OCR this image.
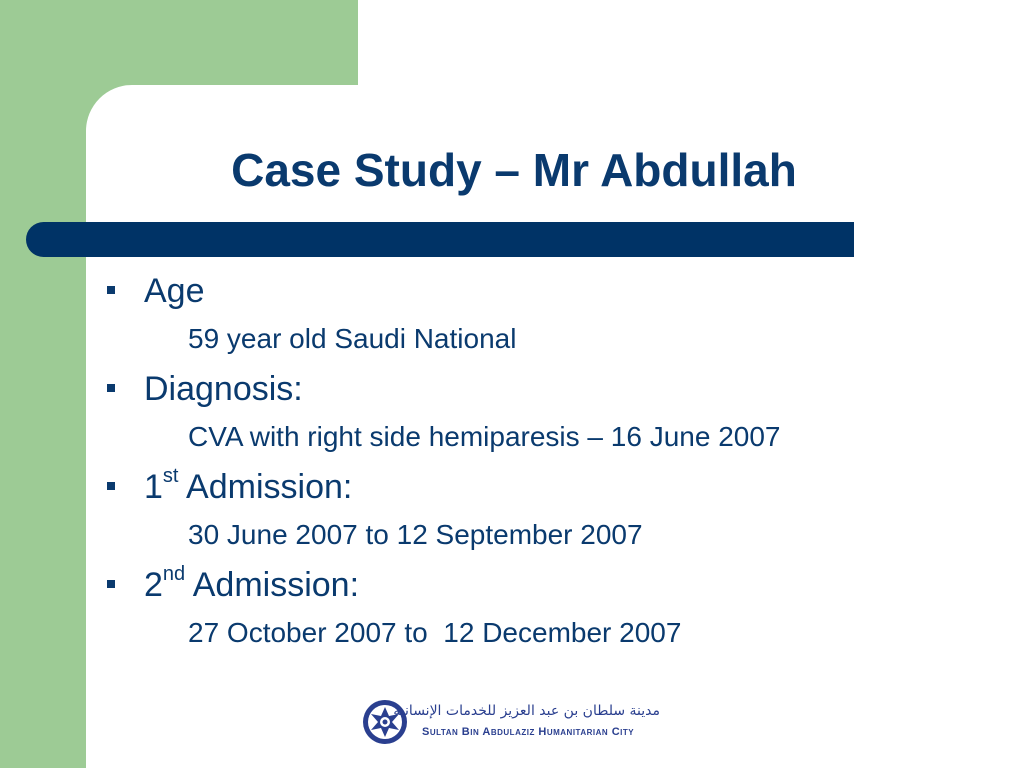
Case Study – Mr Abdullah
Age
59 year old Saudi National
Diagnosis:
CVA with right side hemiparesis – 16 June 2007
1st Admission:
30 June 2007 to 12 September 2007
2nd Admission:
27 October 2007 to  12 December 2007
مدينة سلطان بن عبد العزيز للخدمات الإنسانية
Sultan Bin Abdulaziz Humanitarian City
